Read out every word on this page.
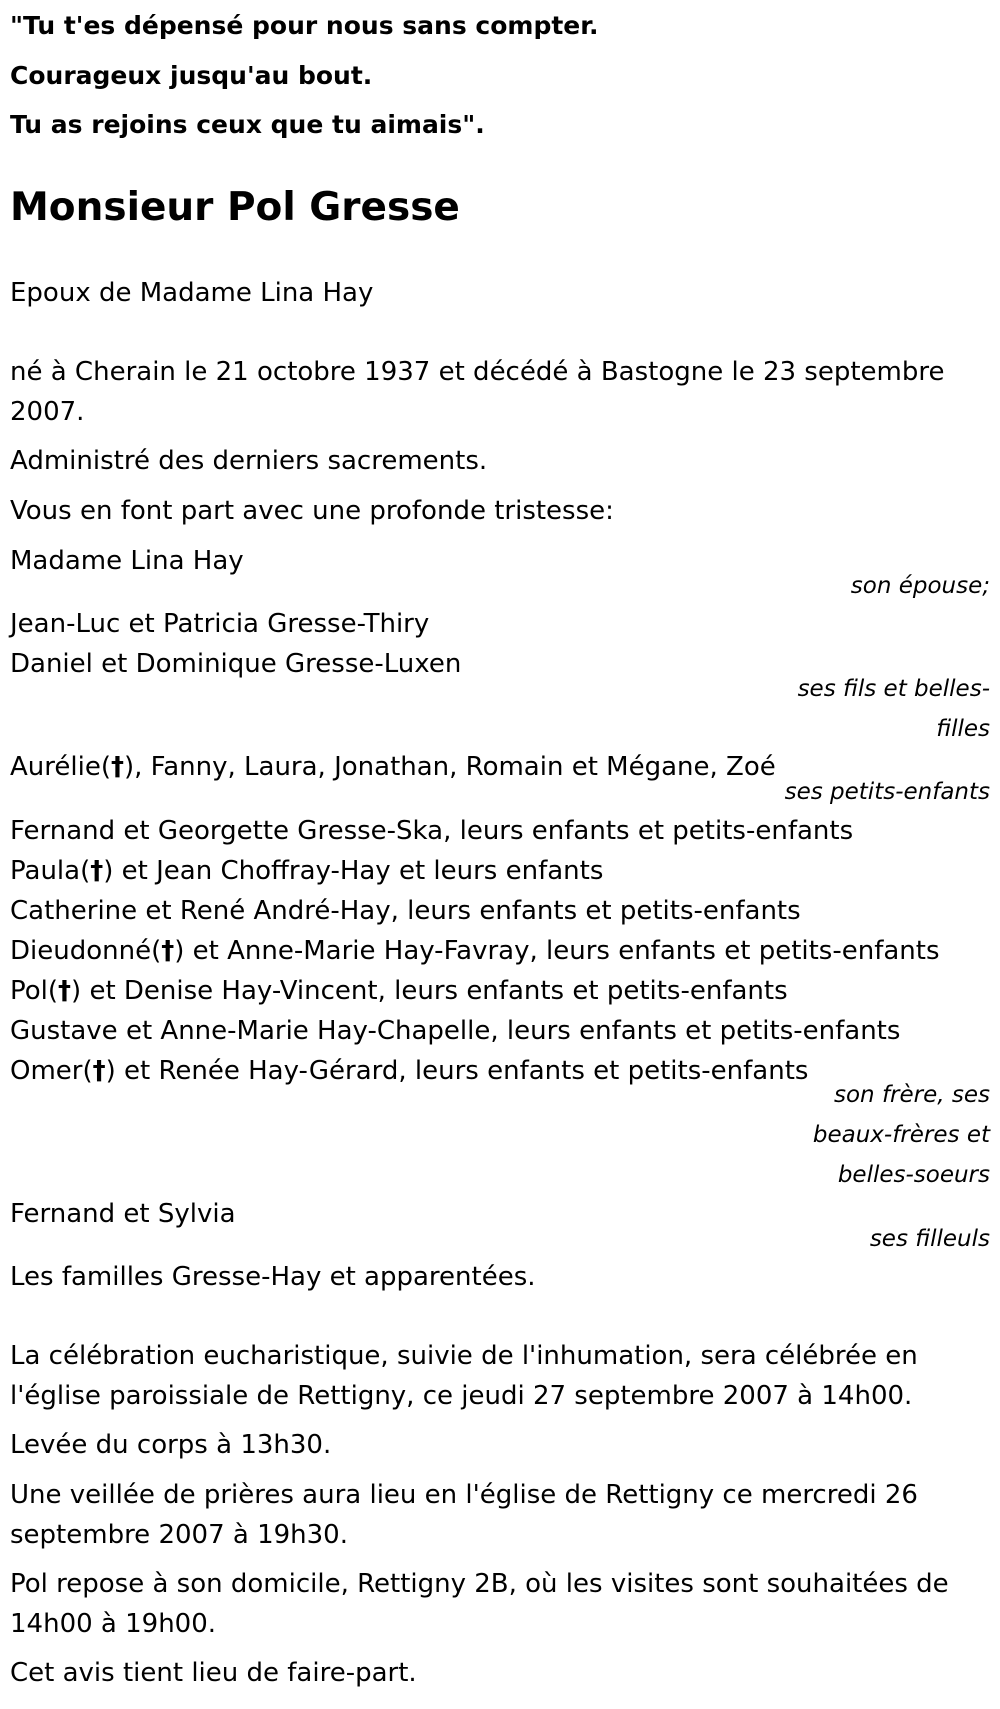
"Tu t'es dépensé pour nous sans compter.
Courageux jusqu'au bout.
Tu as rejoins ceux que tu aimais".
Monsieur Pol Gresse
Epoux de Madame Lina Hay
né à Cherain le 21 octobre 1937 et décédé à Bastogne le 23 septembre
2007.
Administré des derniers sacrements.
Vous en font part avec une profonde tristesse:
Madame Lina Hay
son épouse;
Jean-Luc et Patricia Gresse-Thiry
Daniel et Dominique Gresse-Luxen
ses fils et belles-
filles
Aurélie(†), Fanny, Laura, Jonathan, Romain et Mégane, Zoé
ses petits-enfants
Fernand et Georgette Gresse-Ska, leurs enfants et petits-enfants
Paula(†) et Jean Choffray-Hay et leurs enfants
Catherine et René André-Hay, leurs enfants et petits-enfants
Dieudonné(†) et Anne-Marie Hay-Favray, leurs enfants et petits-enfants
Pol(†) et Denise Hay-Vincent, leurs enfants et petits-enfants
Gustave et Anne-Marie Hay-Chapelle, leurs enfants et petits-enfants
Omer(†) et Renée Hay-Gérard, leurs enfants et petits-enfants
son frère, ses
beaux-frères et
belles-soeurs
Fernand et Sylvia
ses filleuls
Les familles Gresse-Hay et apparentées.
La célébration eucharistique, suivie de l'inhumation, sera célébrée en
l'église paroissiale de Rettigny, ce jeudi 27 septembre 2007 à 14h00.
Levée du corps à 13h30.
Une veillée de prières aura lieu en l'église de Rettigny ce mercredi 26
septembre 2007 à 19h30.
Pol repose à son domicile, Rettigny 2B, où les visites sont souhaitées de
14h00 à 19h00.
Cet avis tient lieu de faire-part.
